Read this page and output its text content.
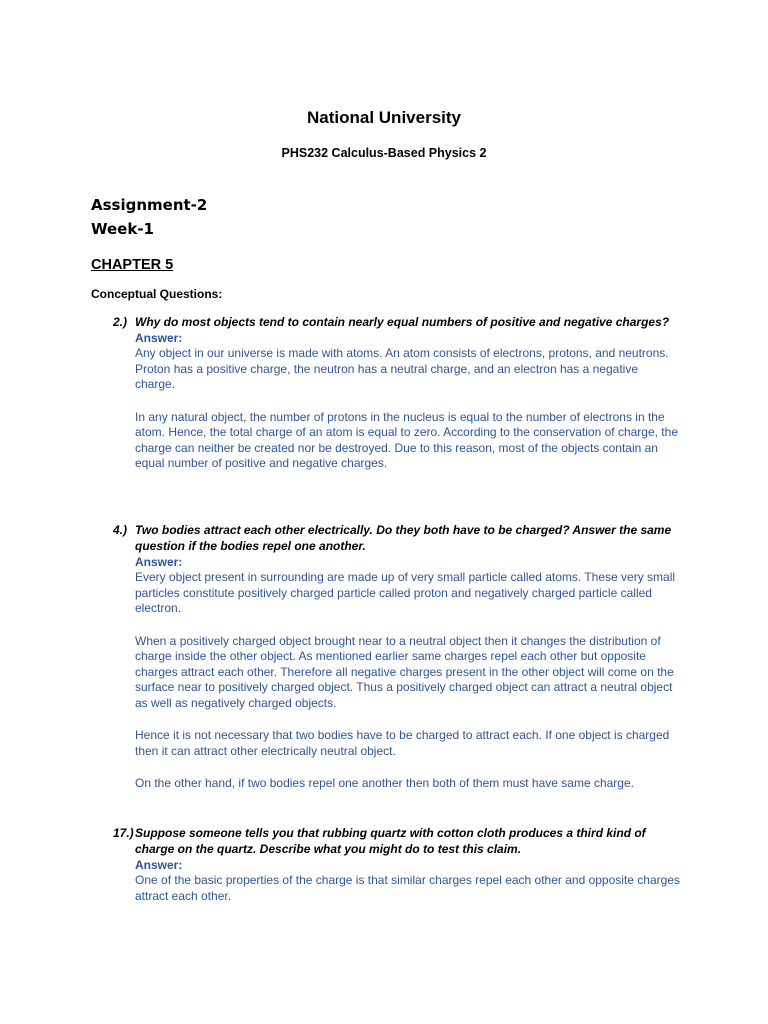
National University
PHS232 Calculus-Based Physics 2
Assignment-2
Week-1
CHAPTER 5
Conceptual Questions:
2.) Why do most objects tend to contain nearly equal numbers of positive and negative charges?
Answer:

Any object in our universe is made with atoms. An atom consists of electrons, protons, and neutrons. Proton has a positive charge, the neutron has a neutral charge, and an electron has a negative charge.

In any natural object, the number of protons in the nucleus is equal to the number of electrons in the atom. Hence, the total charge of an atom is equal to zero. According to the conservation of charge, the charge can neither be created nor be destroyed. Due to this reason, most of the objects contain an equal number of positive and negative charges.

4.) Two bodies attract each other electrically. Do they both have to be charged? Answer the same question if the bodies repel one another.
Answer:

Every object present in surrounding are made up of very small particle called atoms. These very small particles constitute positively charged particle called proton and negatively charged particle called electron.

When a positively charged object brought near to a neutral object then it changes the distribution of charge inside the other object. As mentioned earlier same charges repel each other but opposite charges attract each other. Therefore all negative charges present in the other object will come on the surface near to positively charged object. Thus a positively charged object can attract a neutral object as well as negatively charged objects.

Hence it is not necessary that two bodies have to be charged to attract each. If one object is charged then it can attract other electrically neutral object.

On the other hand, if two bodies repel one another then both of them must have same charge.

17.) Suppose someone tells you that rubbing quartz with cotton cloth produces a third kind of charge on the quartz. Describe what you might do to test this claim.
Answer:

One of the basic properties of the charge is that similar charges repel each other and opposite charges attract each other.
